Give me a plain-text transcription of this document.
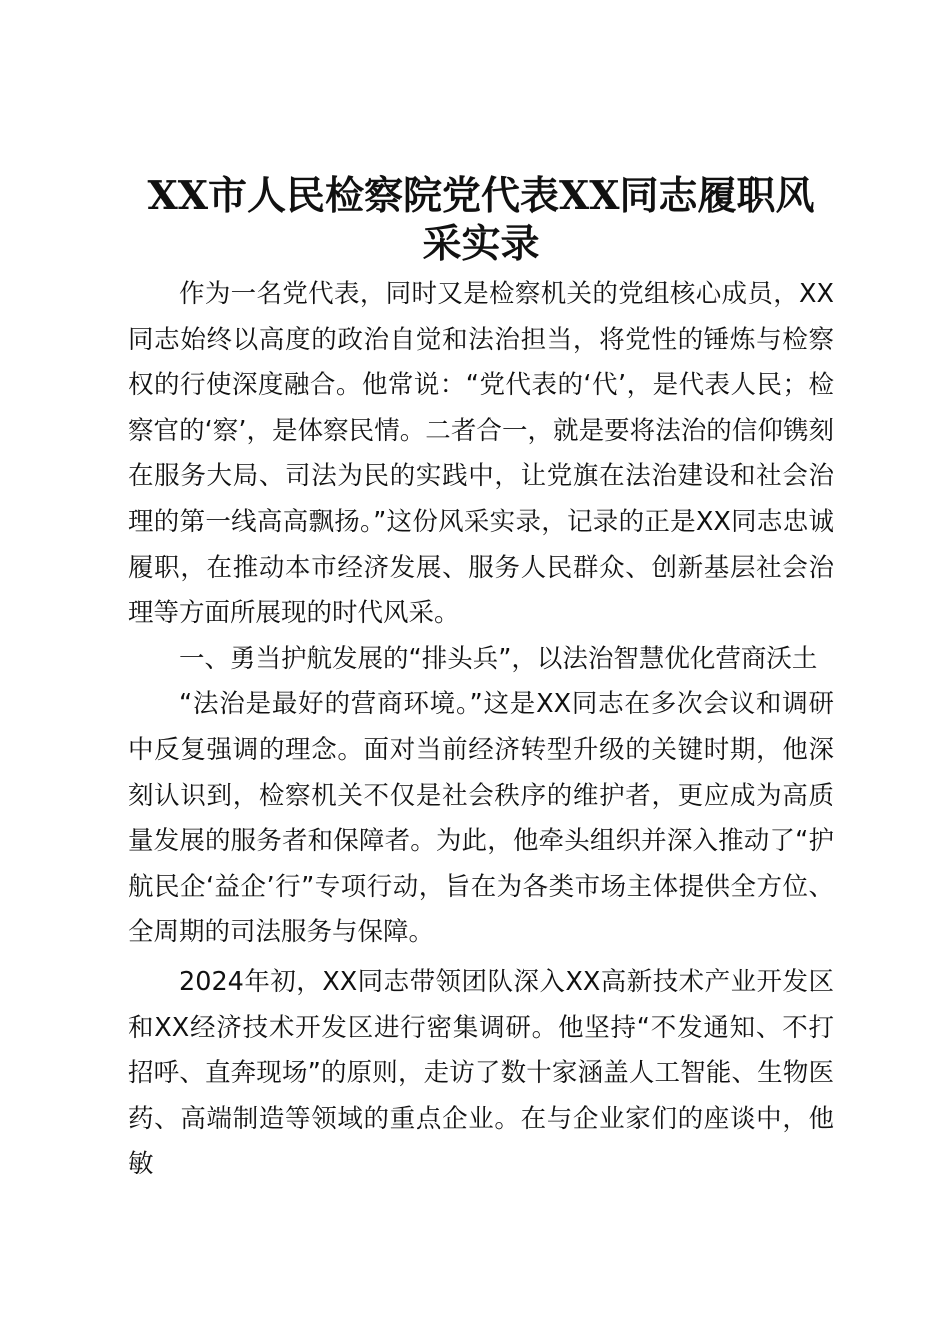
XX市人民检察院党代表XX同志履职风采实录

作为一名党代表，同时又是检察机关的党组核心成员，XX同志始终以高度的政治自觉和法治担当，将党性的锤炼与检察权的行使深度融合。他常说：“党代表的‘代’，是代表人民；检察官的‘察’，是体察民情。二者合一，就是要将法治的信仰镌刻在服务大局、司法为民的实践中，让党旗在法治建设和社会治理的第一线高高飘扬。”这份风采实录，记录的正是XX同志忠诚履职，在推动本市经济发展、服务人民群众、创新基层社会治理等方面所展现的时代风采。

一、勇当护航发展的“排头兵”，以法治智慧优化营商沃土

“法治是最好的营商环境。”这是XX同志在多次会议和调研中反复强调的理念。面对当前经济转型升级的关键时期，他深刻认识到，检察机关不仅是社会秩序的维护者，更应成为高质量发展的服务者和保障者。为此，他牵头组织并深入推动了“护航民企‘益企’行”专项行动，旨在为各类市场主体提供全方位、全周期的司法服务与保障。

2024年初，XX同志带领团队深入XX高新技术产业开发区和XX经济技术开发区进行密集调研。他坚持“不发通知、不打招呼、直奔现场”的原则，走访了数十家涵盖人工智能、生物医药、高端制造等领域的重点企业。在与企业家们的座谈中，他敏
